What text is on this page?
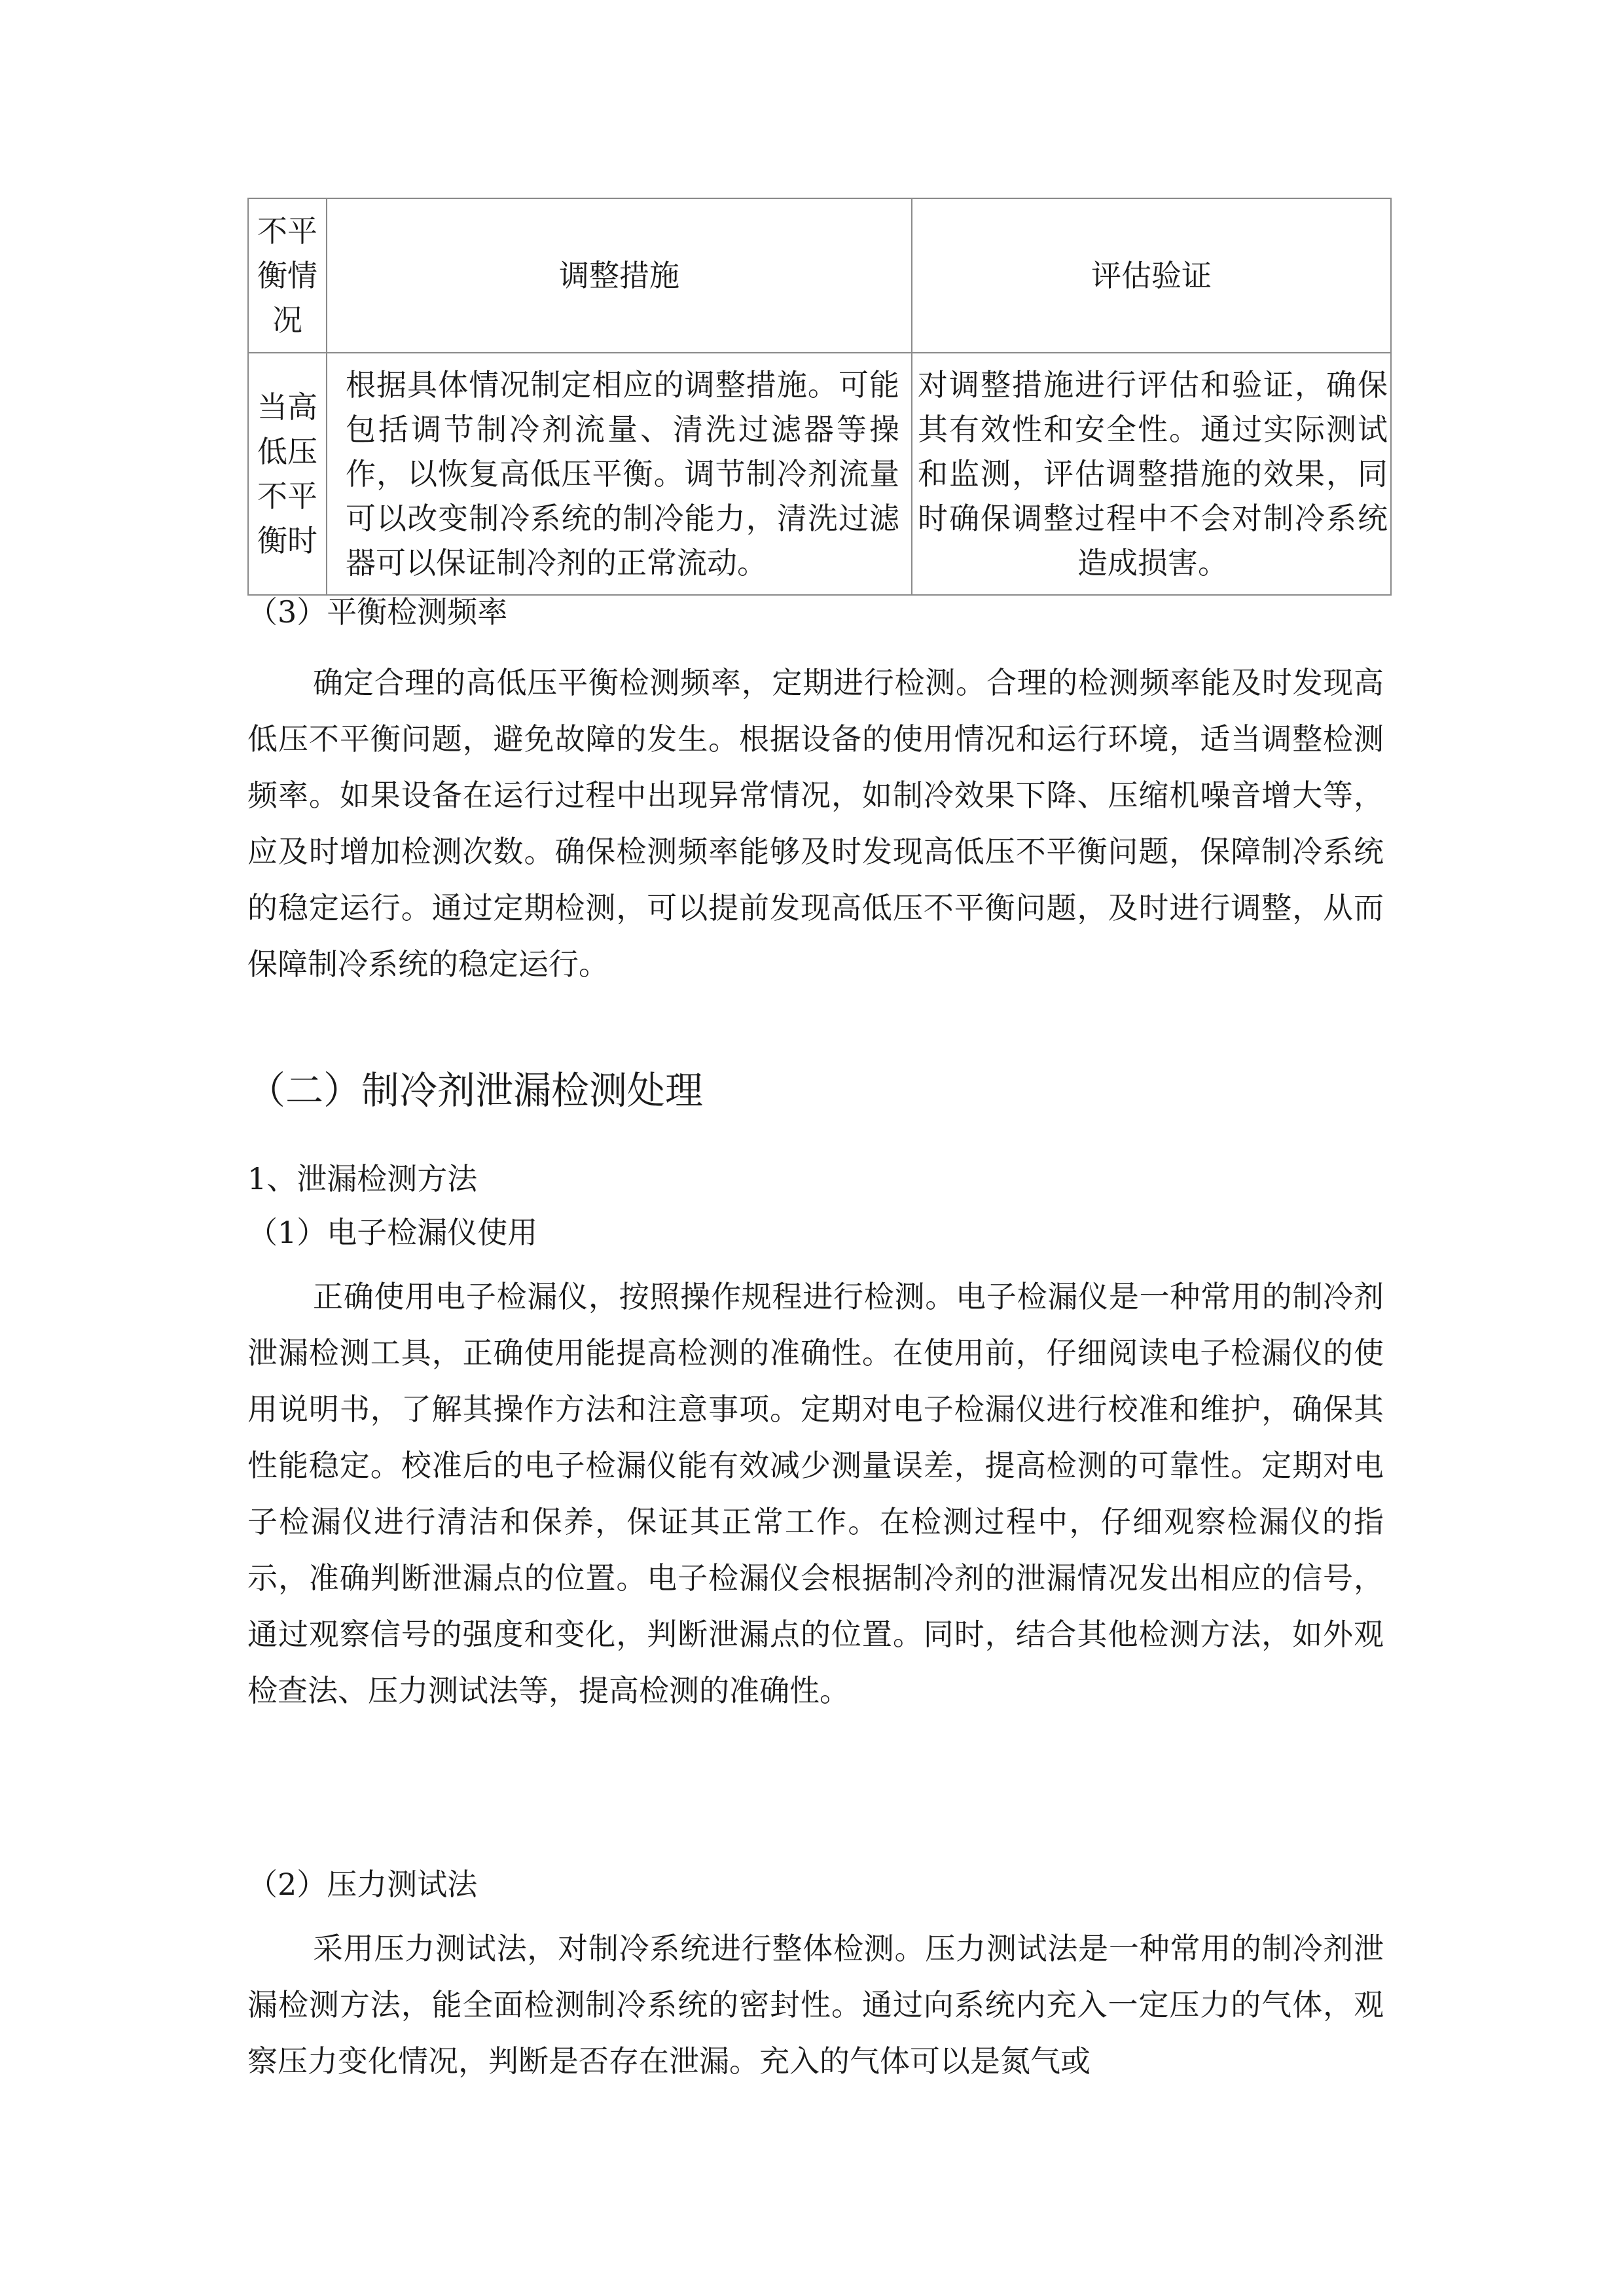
不平衡情况	调整措施	评估验证
当高低压不平衡时	根据具体情况制定相应的调整措施。可能包括调节制冷剂流量、清洗过滤器等操作，以恢复高低压平衡。调节制冷剂流量可以改变制冷系统的制冷能力，清洗过滤器可以保证制冷剂的正常流动。	对调整措施进行评估和验证，确保其有效性和安全性。通过实际测试和监测，评估调整措施的效果，同时确保调整过程中不会对制冷系统造成损害。
（3）平衡检测频率
确定合理的高低压平衡检测频率，定期进行检测。合理的检测频率能及时发现高低压不平衡问题，避免故障的发生。根据设备的使用情况和运行环境，适当调整检测频率。如果设备在运行过程中出现异常情况，如制冷效果下降、压缩机噪音增大等，应及时增加检测次数。确保检测频率能够及时发现高低压不平衡问题，保障制冷系统的稳定运行。通过定期检测，可以提前发现高低压不平衡问题，及时进行调整，从而保障制冷系统的稳定运行。
（二）制冷剂泄漏检测处理
1、泄漏检测方法
（1）电子检漏仪使用
正确使用电子检漏仪，按照操作规程进行检测。电子检漏仪是一种常用的制冷剂泄漏检测工具，正确使用能提高检测的准确性。在使用前，仔细阅读电子检漏仪的使用说明书，了解其操作方法和注意事项。定期对电子检漏仪进行校准和维护，确保其性能稳定。校准后的电子检漏仪能有效减少测量误差，提高检测的可靠性。定期对电子检漏仪进行清洁和保养，保证其正常工作。在检测过程中，仔细观察检漏仪的指示，准确判断泄漏点的位置。电子检漏仪会根据制冷剂的泄漏情况发出相应的信号，通过观察信号的强度和变化，判断泄漏点的位置。同时，结合其他检测方法，如外观检查法、压力测试法等，提高检测的准确性。
（2）压力测试法
采用压力测试法，对制冷系统进行整体检测。压力测试法是一种常用的制冷剂泄漏检测方法，能全面检测制冷系统的密封性。通过向系统内充入一定压力的气体，观察压力变化情况，判断是否存在泄漏。充入的气体可以是氮气或
